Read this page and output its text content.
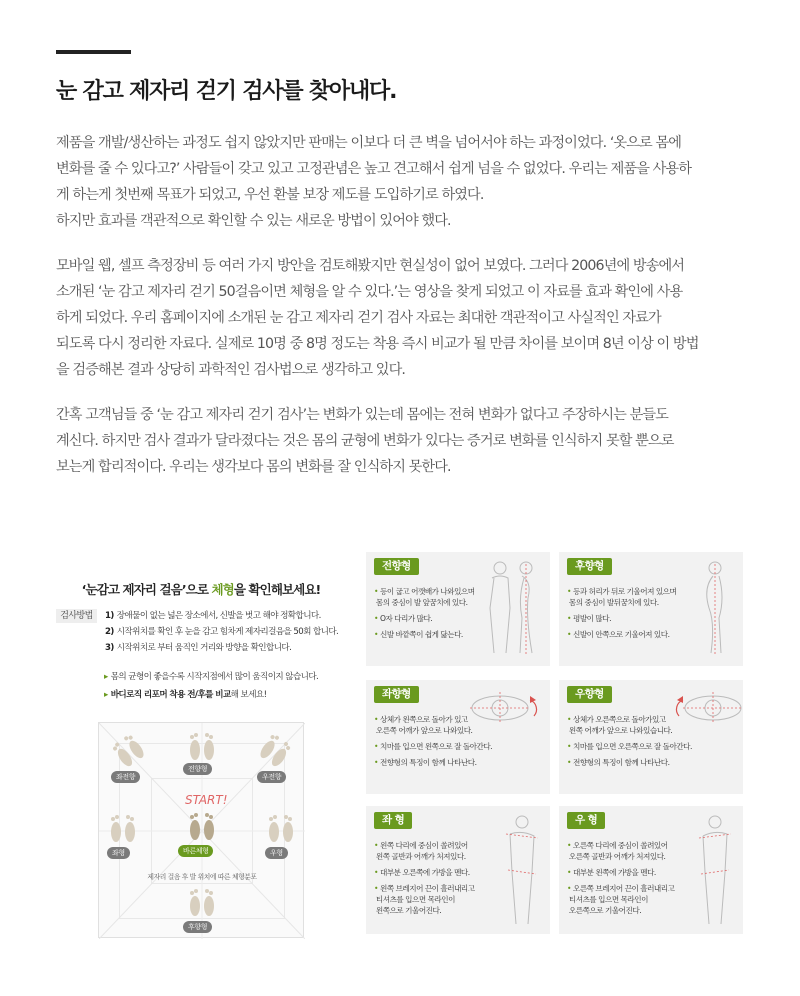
눈 감고 제자리 걷기 검사를 찾아내다.

제품을 개발/생산하는 과정도 쉽지 않았지만 판매는 이보다 더 큰 벽을 넘어서야 하는 과정이었다. ‘옷으로 몸에
변화를 줄 수 있다고?’ 사람들이 갖고 있고 고정관념은 높고 견고해서 쉽게 넘을 수 없었다. 우리는 제품을 사용하
게 하는게 첫번째 목표가 되었고, 우선 환불 보장 제도를 도입하기로 하였다.
하지만 효과를 객관적으로 확인할 수 있는 새로운 방법이 있어야 했다.

모바일 웹, 셀프 측정장비 등 여러 가지 방안을 검토해봤지만 현실성이 없어 보였다. 그러다 2006년에 방송에서
소개된 ‘눈 감고 제자리 걷기 50걸음이면 체형을 알 수 있다.’는 영상을 찾게 되었고 이 자료를 효과 확인에 사용
하게 되었다. 우리 홈페이지에 소개된 눈 감고 제자리 걷기 검사 자료는 최대한 객관적이고 사실적인 자료가
되도록 다시 정리한 자료다. 실제로 10명 중 8명 정도는 착용 즉시 비교가 될 만큼 차이를 보이며 8년 이상 이 방법
을 검증해본 결과 상당히 과학적인 검사법으로 생각하고 있다.

간혹 고객님들 중 ‘눈 감고 제자리 걷기 검사’는 변화가 있는데 몸에는 전혀 변화가 없다고 주장하시는 분들도
계신다. 하지만 검사 결과가 달라졌다는 것은 몸의 균형에 변화가 있다는 증거로 변화를 인식하지 못할 뿐으로
보는게 합리적이다. 우리는 생각보다 몸의 변화를 잘 인식하지 못한다.

‘눈감고 제자리 걸음’으로 체형을 확인해보세요!
검사방법	1) 장애물이 없는 넓은 장소에서, 신발을 벗고 해야 정확합니다.
2) 시작위치를 확인 후 눈을 감고 힘차게 제자리걸음을 50회 합니다.
3) 시작위치로 부터 움직인 거리와 방향을 확인합니다.
▸ 몸의 균형이 좋을수록 시작지점에서 많이 움직이지 않습니다.
▸ 바디로직 리포머 착용 전/후를 비교해 보세요!
좌전향
전향형
우전향
좌형
START!
바른체형	우형
제자리 걸음 후 발 위치에 따른 체형분포
후향형
전향형
• 등이 굽고 어깻배가 나와있으며
몸의 중심이 발 앞꿈치에 있다.
• O자 다리가 많다.
• 신발 바깥쪽이 쉽게 닳는다.
후향형
• 등과 허리가 뒤로 기울어져 있으며
몸의 중심이 발뒤꿈치에 있다.
• 평발이 많다.
• 신발이 안쪽으로 기울어져 있다.
좌향형
• 상체가 왼쪽으로 돌아가 있고
오른쪽 어깨가 앞으로 나와있다.
• 치마를 입으면 왼쪽으로 잘 돌아간다.
• 전향형의 특징이 함께 나타난다.
우향형
• 상체가 오른쪽으로 돌아가있고
왼쪽 어깨가 앞으로 나와있습니다.
• 치마를 입으면 오른쪽으로 잘 돌아간다.
• 전향형의 특징이 함께 나타난다.
좌 형
• 왼쪽 다리에 중심이 쏠려있어
왼쪽 골반과 어깨가 처져있다.
• 대부분 오른쪽에 가방을 멘다.
• 왼쪽 브레지어 끈이 흘러내리고
티셔츠를 입으면 목라인이
왼쪽으로 기울어진다.
우 형
• 오른쪽 다리에 중심이 쏠려있어
오른쪽 골반과 어깨가 처져있다.
• 대부분 왼쪽에 가방을 멘다.
• 오른쪽 브레지어 끈이 흘러내리고
티셔츠를 입으면 목라인이
오른쪽으로 기울어진다.
